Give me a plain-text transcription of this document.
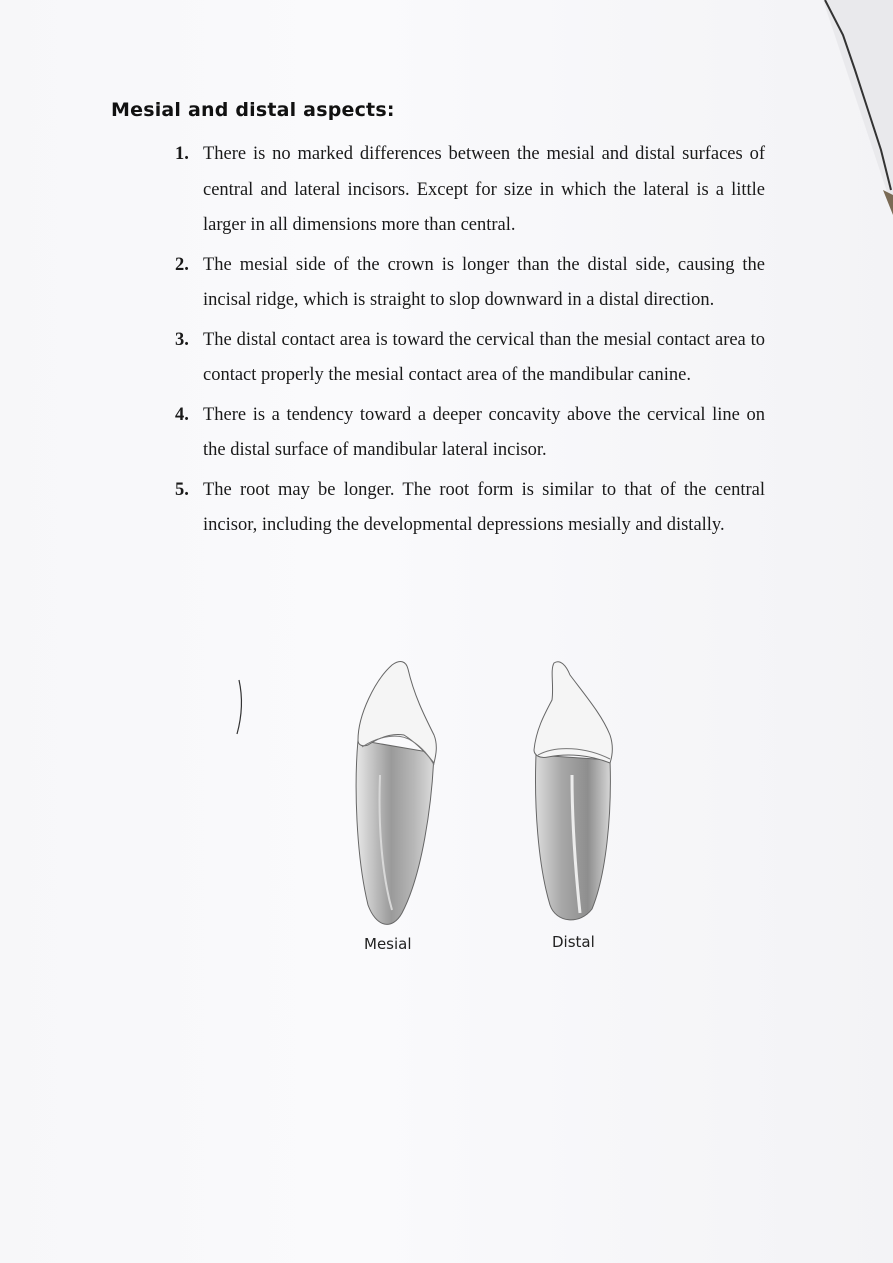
Mesial and distal aspects:
1. There is no marked differences between the mesial and distal surfaces of central and lateral incisors. Except for size in which the lateral is a little larger in all dimensions more than central.
2. The mesial side of the crown is longer than the distal side, causing the incisal ridge, which is straight to slop downward in a distal direction.
3. The distal contact area is toward the cervical than the mesial contact area to contact properly the mesial contact area of the mandibular canine.
4. There is a tendency toward a deeper concavity above the cervical line on the distal surface of mandibular lateral incisor.
5. The root may be longer. The root form is similar to that of the central incisor, including the developmental depressions mesially and distally.
Mesial	Distal
